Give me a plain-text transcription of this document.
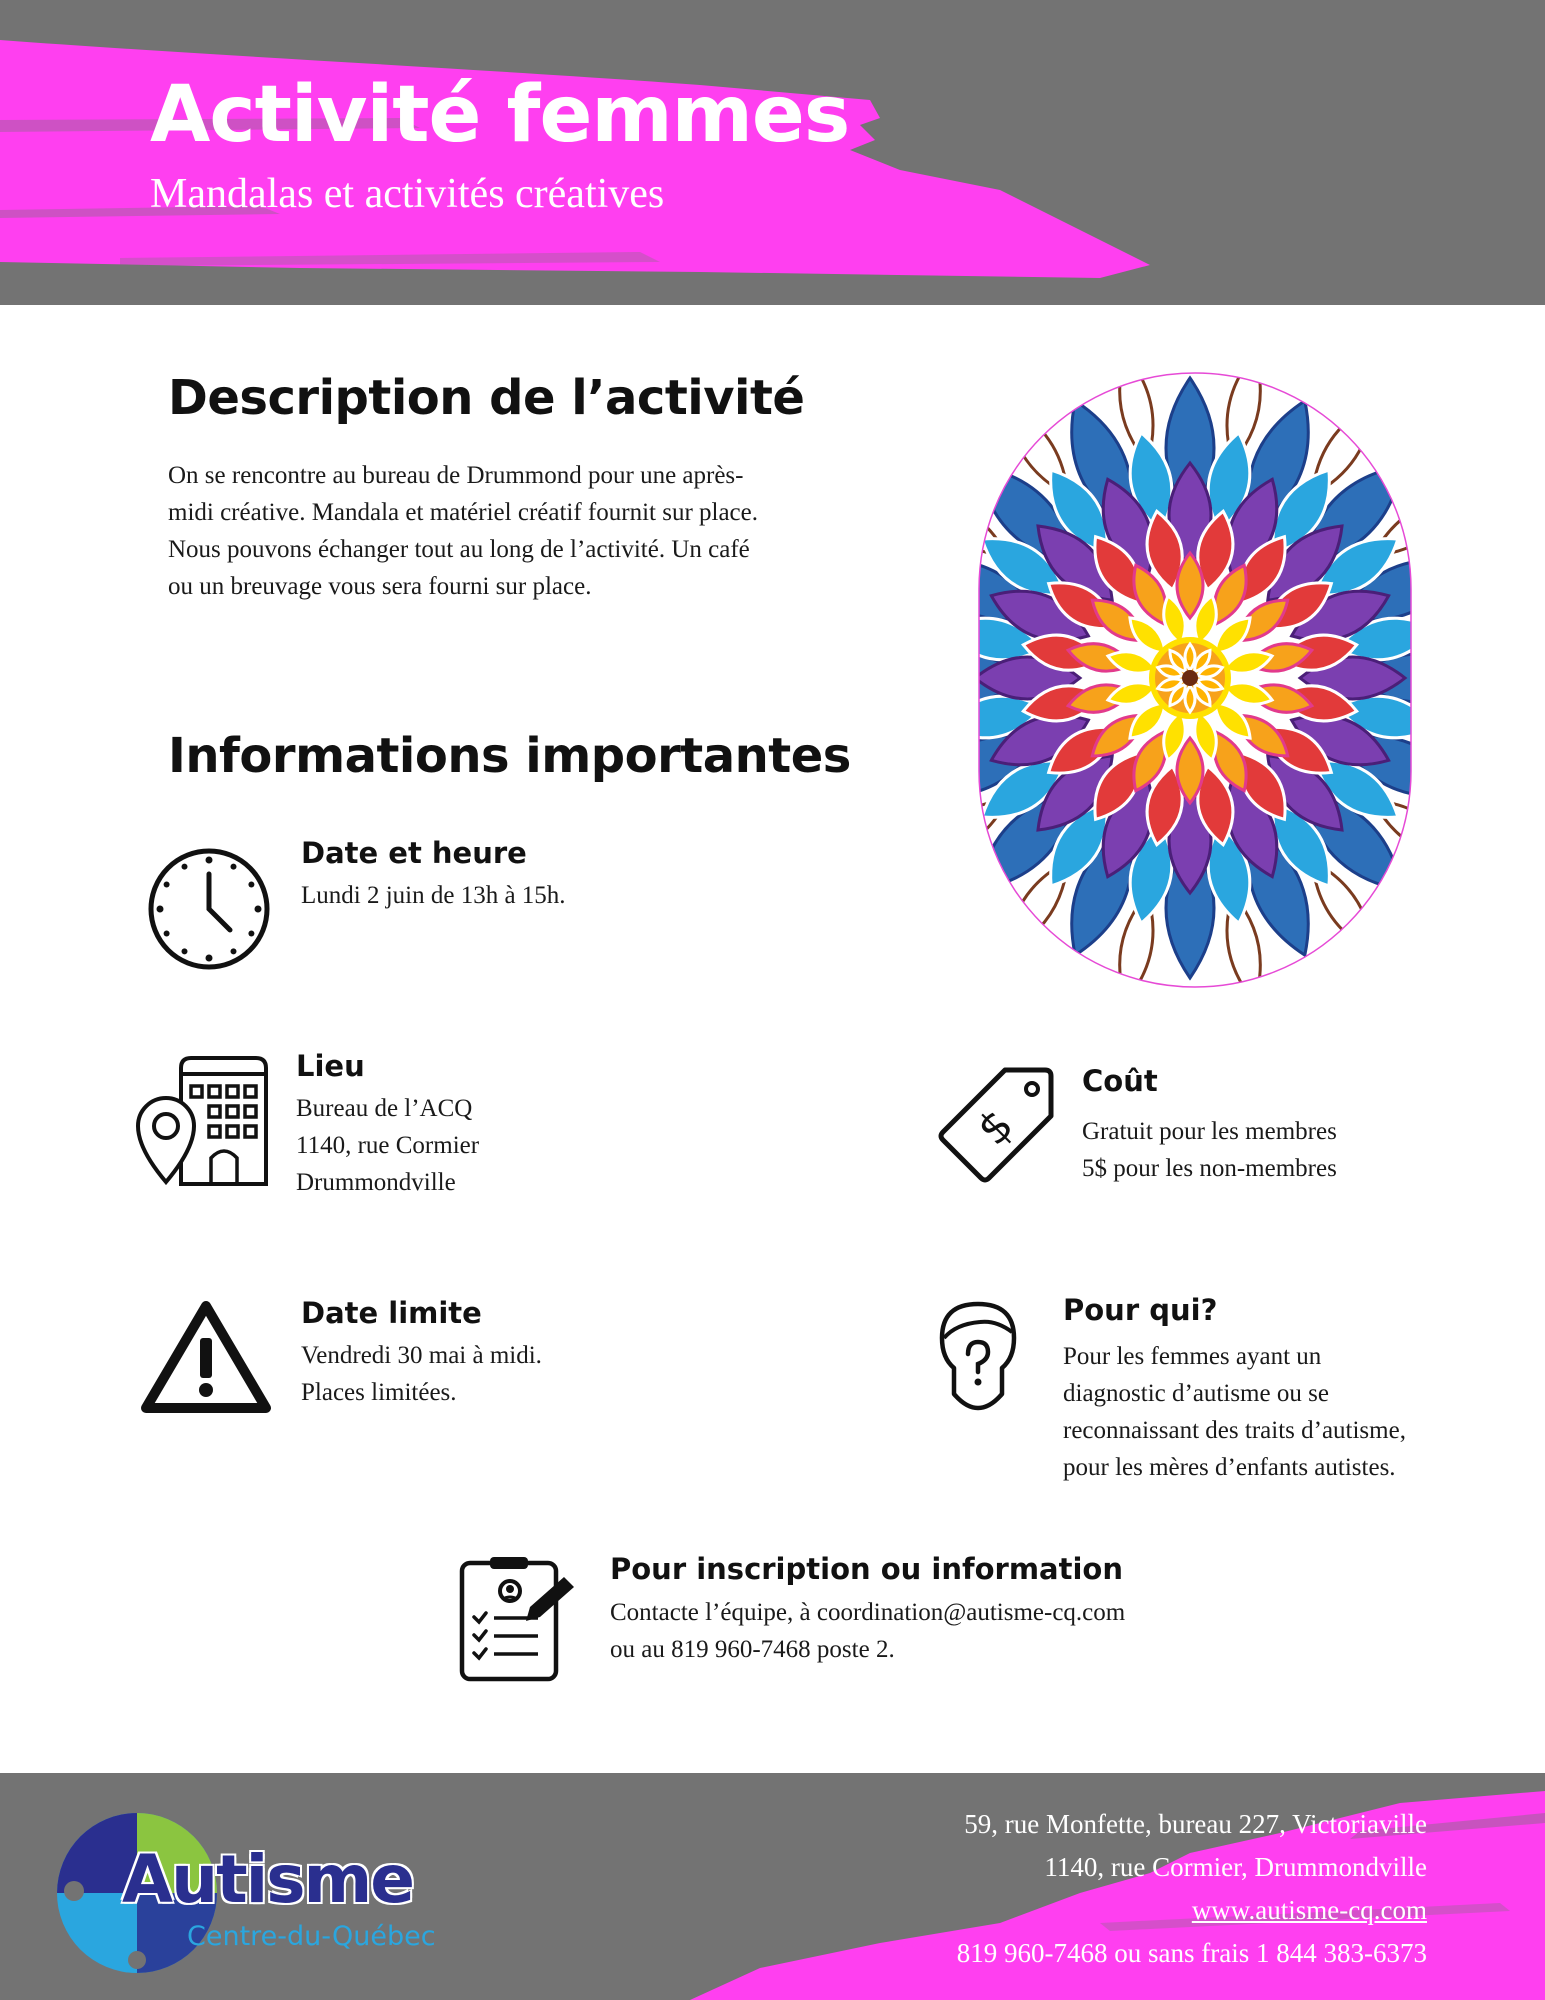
Activité femmes
Mandalas et activités créatives
Description de l’activité
On se rencontre au bureau de Drummond pour une après-
midi créative. Mandala et matériel créatif fournit sur place.
Nous pouvons échanger tout au long de l’activité. Un café
ou un breuvage vous sera fourni sur place.
Informations importantes
Date et heure
Lundi 2 juin de 13h à 15h.
Lieu
Bureau de l’ACQ
1140, rue Cormier
Drummondville
$
Coût
Gratuit pour les membres
5$ pour les non-membres
Date limite
Vendredi 30 mai à midi.
Places limitées.
Pour qui?
Pour les femmes ayant un
diagnostic d’autisme ou se
reconnaissant des traits d’autisme,
pour les mères d’enfants autistes.
Pour inscription ou information
Contacte l’équipe, à coordination@autisme-cq.com
ou au 819 960-7468 poste 2.
Autisme
Centre-du-Québec
59, rue Monfette, bureau 227, Victoriaville
1140, rue Cormier, Drummondville
www.autisme-cq.com
819 960-7468 ou sans frais 1 844 383-6373
